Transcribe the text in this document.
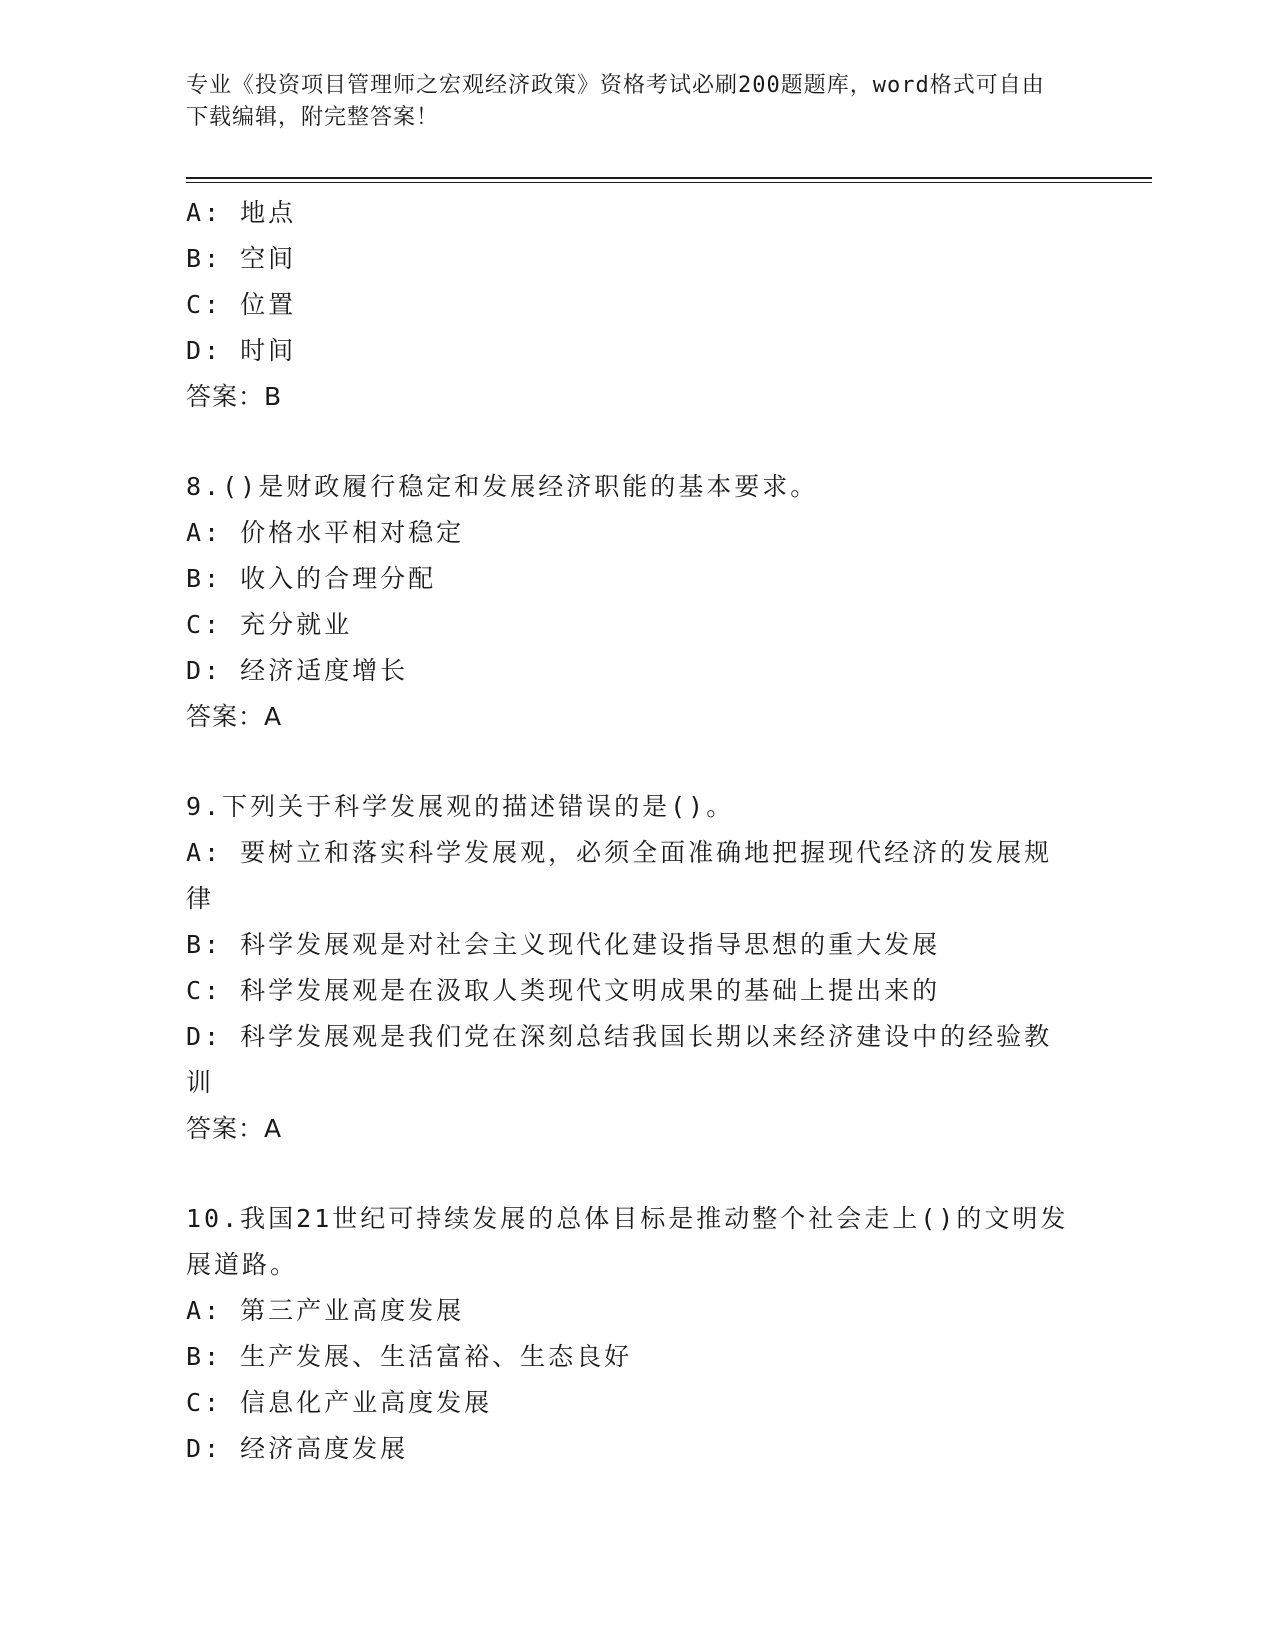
专业《投资项目管理师之宏观经济政策》资格考试必刷200题题库，word格式可自由下载编辑，附完整答案！
A: 地点
B: 空间
C: 位置
D: 时间
答案：B
8.()是财政履行稳定和发展经济职能的基本要求。
A: 价格水平相对稳定
B: 收入的合理分配
C: 充分就业
D: 经济适度增长
答案：A
9.下列关于科学发展观的描述错误的是()。
A: 要树立和落实科学发展观，必须全面准确地把握现代经济的发展规律
B: 科学发展观是对社会主义现代化建设指导思想的重大发展
C: 科学发展观是在汲取人类现代文明成果的基础上提出来的
D: 科学发展观是我们党在深刻总结我国长期以来经济建设中的经验教训
答案：A
10.我国21世纪可持续发展的总体目标是推动整个社会走上()的文明发展道路。
A: 第三产业高度发展
B: 生产发展、生活富裕、生态良好
C: 信息化产业高度发展
D: 经济高度发展
